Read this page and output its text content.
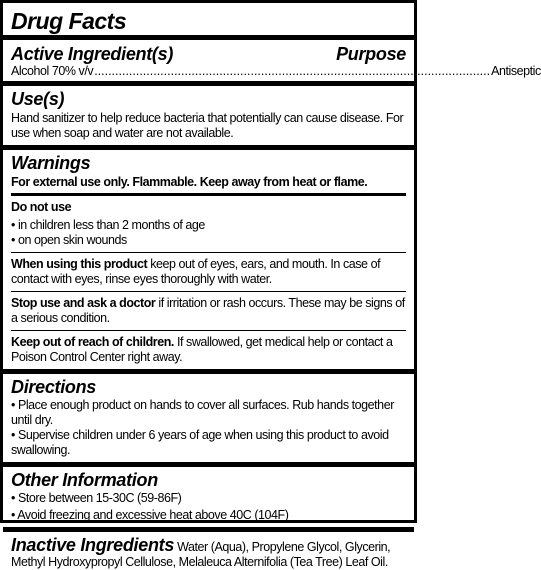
Drug Facts
Active Ingredient(s)	Purpose
Alcohol 70% v/v .................................................................................................................. Antiseptic
Use(s)
Hand sanitizer to help reduce bacteria that potentially can cause disease. For use when soap and water are not available.
Warnings
For external use only. Flammable. Keep away from heat or flame.
Do not use
• in children less than 2 months of age
• on open skin wounds
When using this product keep out of eyes, ears, and mouth. In case of contact with eyes, rinse eyes thoroughly with water.
Stop use and ask a doctor if irritation or rash occurs. These may be signs of a serious condition.
Keep out of reach of children. If swallowed, get medical help or contact a Poison Control Center right away.
Directions
• Place enough product on hands to cover all surfaces. Rub hands together until dry.
• Supervise children under 6 years of age when using this product to avoid swallowing.
Other Information
• Store between 15-30C (59-86F)
• Avoid freezing and excessive heat above 40C (104F)
Inactive Ingredients Water (Aqua), Propylene Glycol, Glycerin, Methyl Hydroxypropyl Cellulose, Melaleuca Alternifolia (Tea Tree) Leaf Oil.
